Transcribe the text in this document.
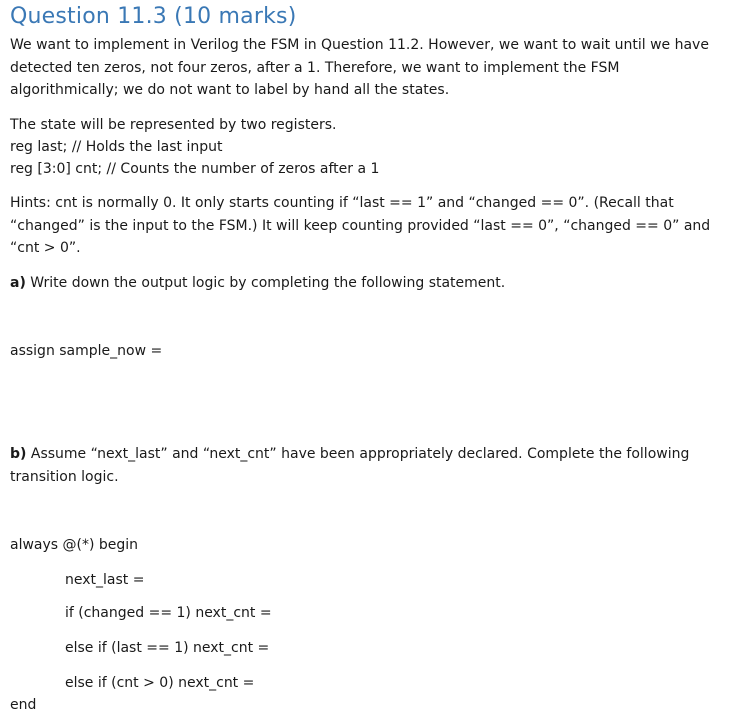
Question 11.3 (10 marks)

We want to implement in Verilog the FSM in Question 11.2. However, we want to wait until we have detected ten zeros, not four zeros, after a 1. Therefore, we want to implement the FSM algorithmically; we do not want to label by hand all the states.

The state will be represented by two registers.

reg last; // Holds the last input

reg [3:0] cnt; // Counts the number of zeros after a 1

Hints: cnt is normally 0. It only starts counting if “last == 1” and “changed == 0”. (Recall that “changed” is the input to the FSM.) It will keep counting provided “last == 0”, “changed == 0” and “cnt > 0”.

a) Write down the output logic by completing the following statement.

assign sample_now =

b) Assume “next_last” and “next_cnt” have been appropriately declared. Complete the following transition logic.

always @(*) begin
next_last =
if (changed == 1) next_cnt =
else if (last == 1) next_cnt =
else if (cnt > 0) next_cnt =
end
